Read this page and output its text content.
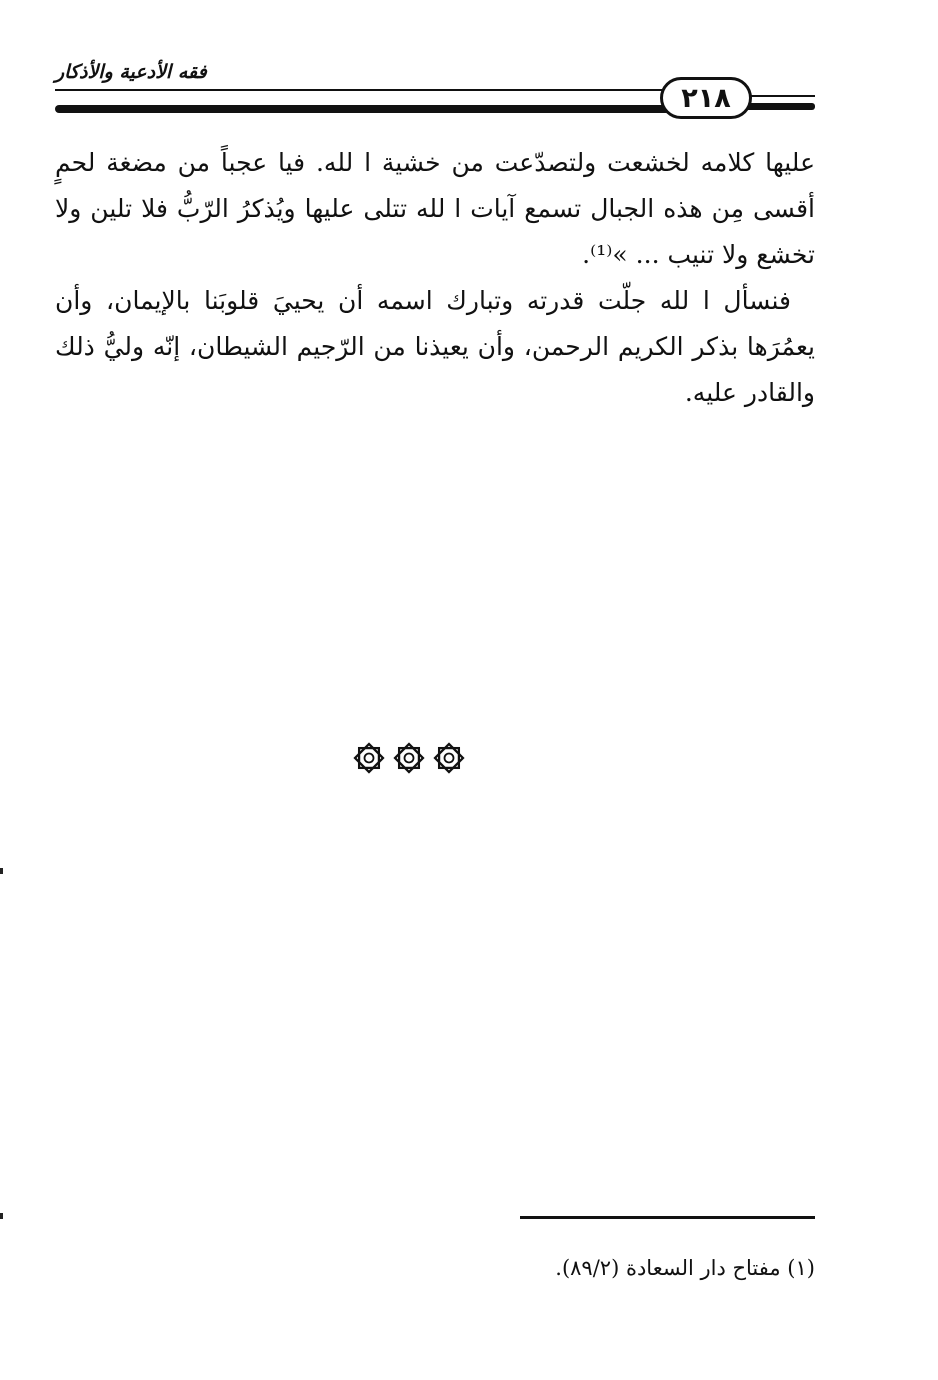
فقه الأدعية والأذكار
٢١٨

عليها كلامه لخشعت ولتصدّعت من خشية ا لله. فيا عجباً من مضغة لحمٍ أقسى مِن هذه الجبال تسمع آيات ا لله تتلى عليها ويُذكرُ الرّبُّ فلا تلين ولا تخشع ولا تنيب ... »⁽¹⁾.

فنسأل ا لله جلّت قدرته وتبارك اسمه أن يحييَ قلوبَنا بالإيمان، وأن يعمُرَها بذكر الكريم الرحمن، وأن يعيذنا من الرّجيم الشيطان، إنّه وليُّ ذلك والقادر عليه.

(١) مفتاح دار السعادة (٨٩/٢).
